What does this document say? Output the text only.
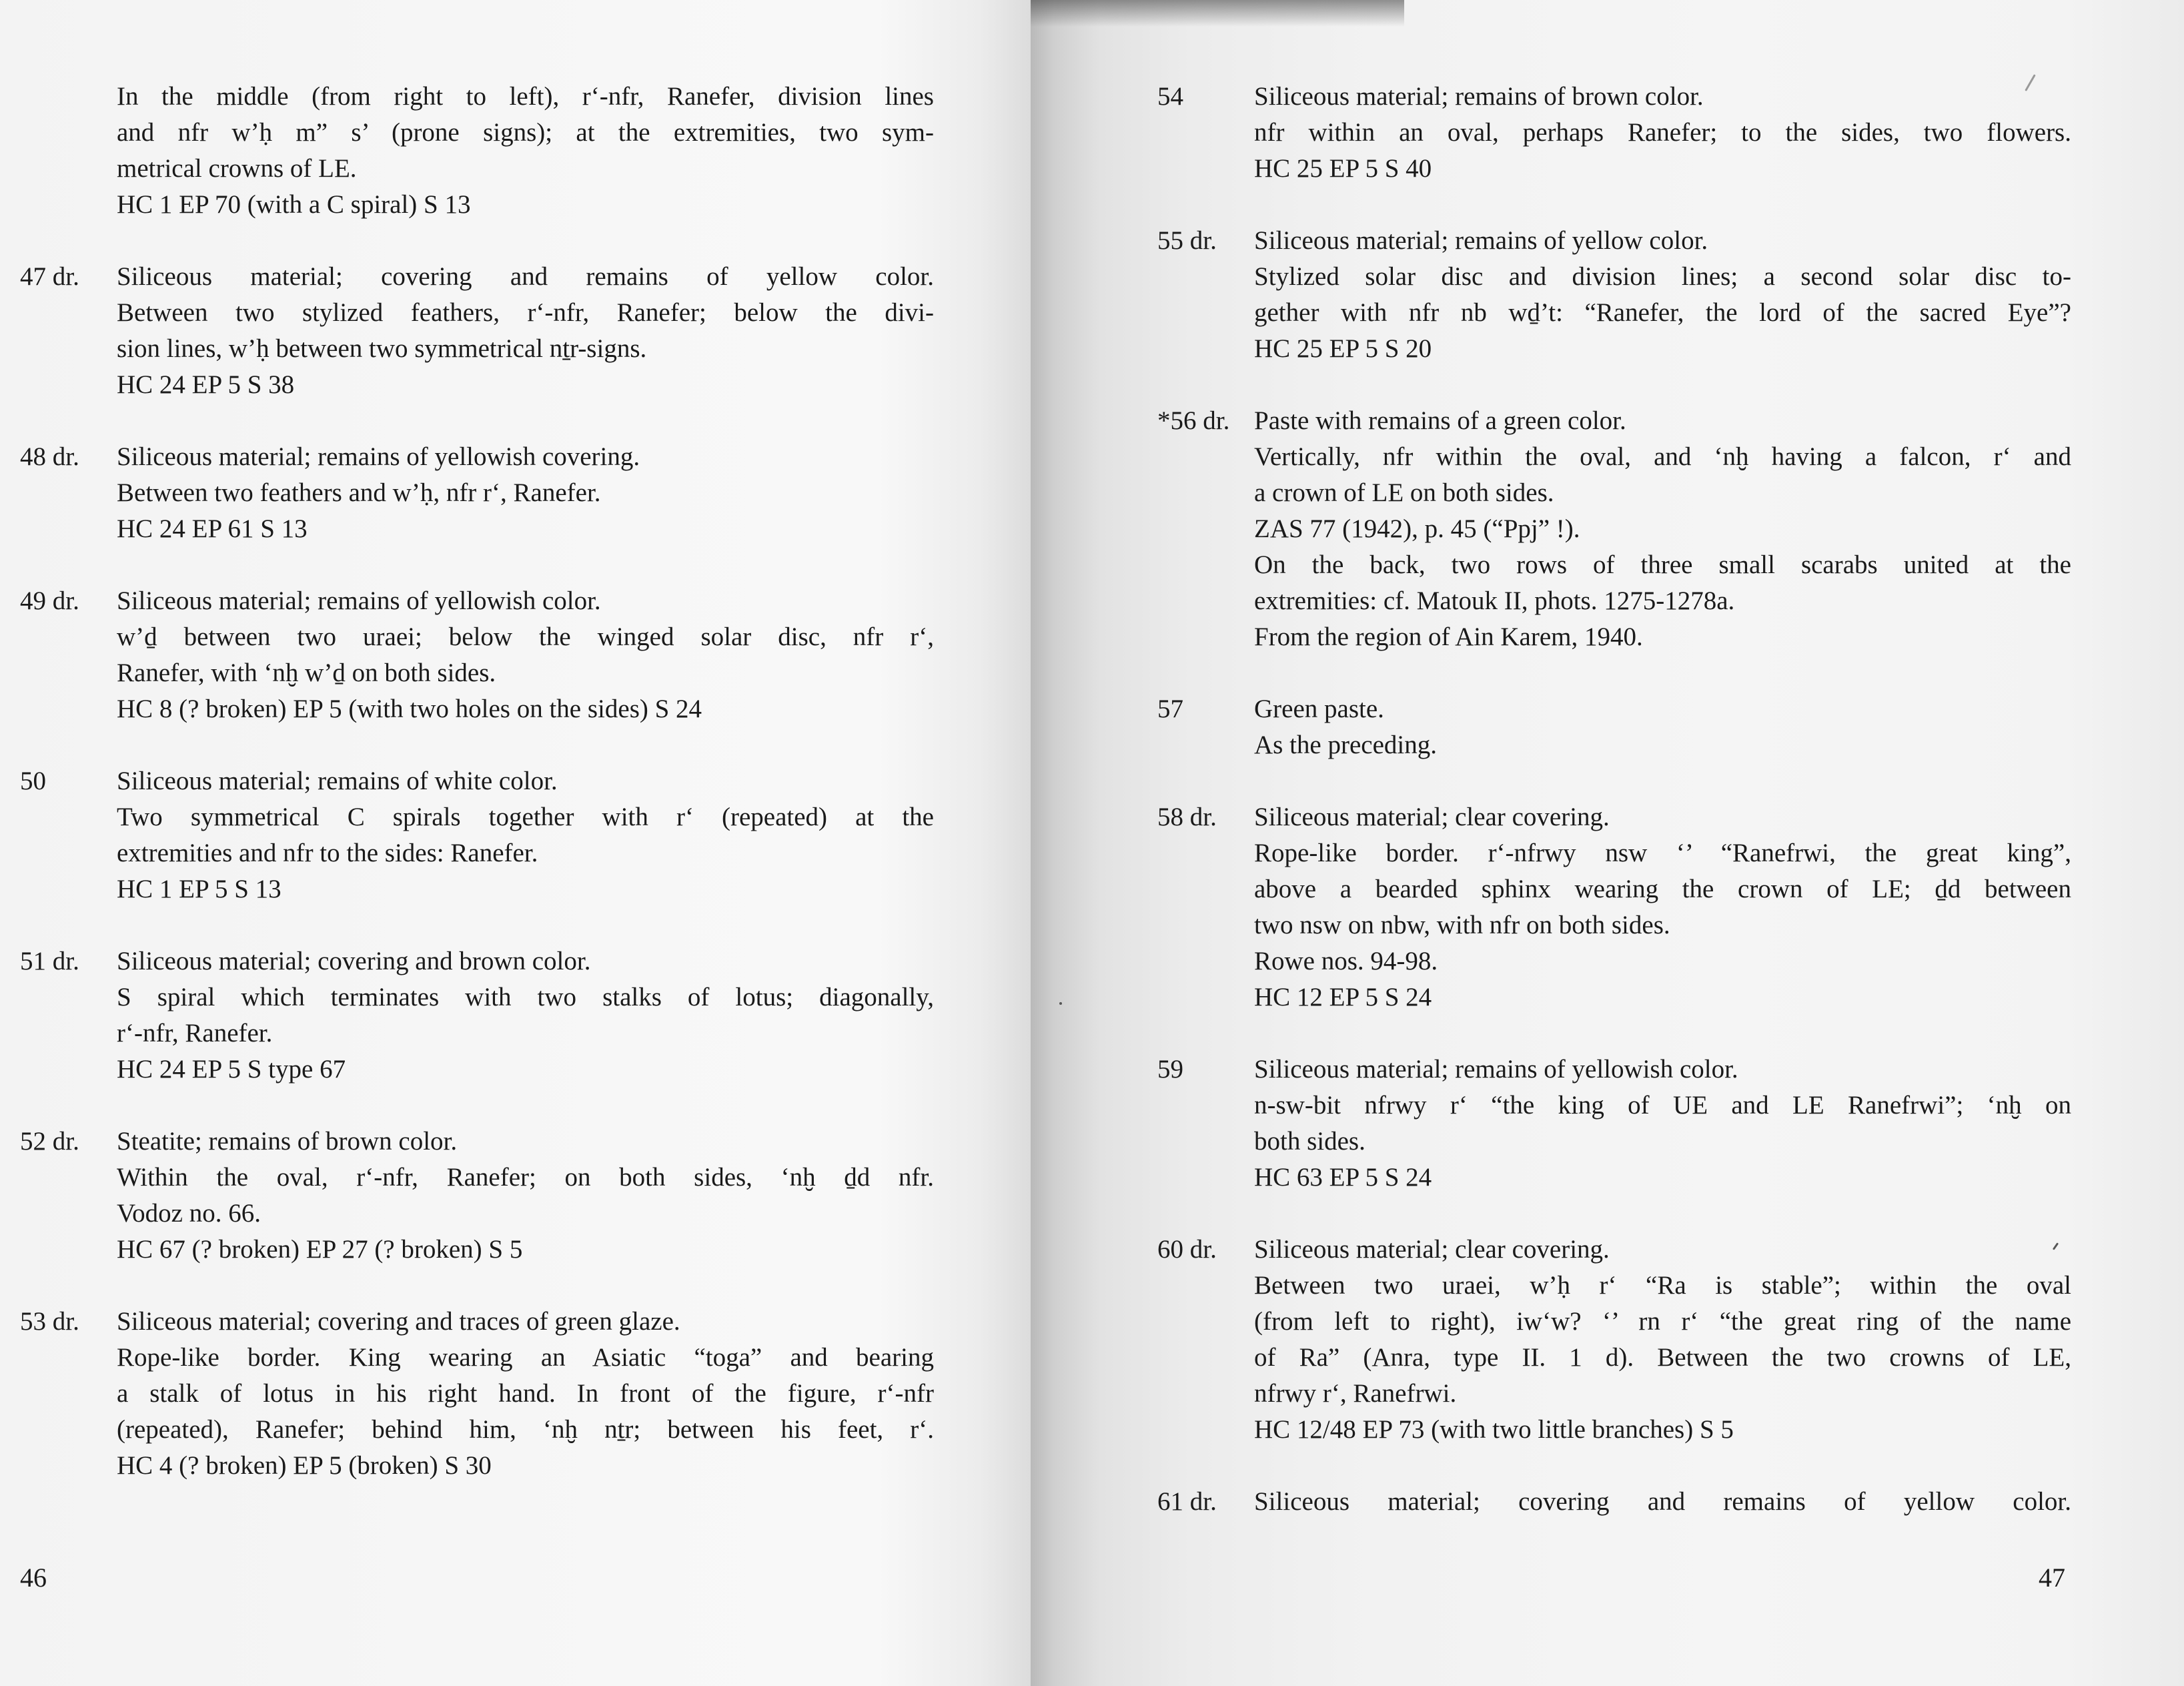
In the middle (from right to left), r‘-nfr, Ranefer, division lines
and nfr w’ḥ m” s’ (prone signs); at the extremities, two sym-
metrical crowns of LE.
HC 1 EP 70 (with a C spiral) S 13
47 dr. Siliceous material; covering and remains of yellow color.
Between two stylized feathers, r‘-nfr, Ranefer; below the divi-
sion lines, w’ḥ between two symmetrical nṯr-signs.
HC 24 EP 5 S 38
48 dr. Siliceous material; remains of yellowish covering.
Between two feathers and w’ḥ, nfr r‘, Ranefer.
HC 24 EP 61 S 13
49 dr. Siliceous material; remains of yellowish color.
w’ḏ between two uraei; below the winged solar disc, nfr r‘,
Ranefer, with ‘nḫ w’ḏ on both sides.
HC 8 (? broken) EP 5 (with two holes on the sides) S 24
50	Siliceous material; remains of white color.
Two symmetrical C spirals together with r‘ (repeated) at the
extremities and nfr to the sides: Ranefer.
HC 1 EP 5 S 13
51 dr. Siliceous material; covering and brown color.
S spiral which terminates with two stalks of lotus; diagonally,
r‘-nfr, Ranefer.
HC 24 EP 5 S type 67
52 dr. Steatite; remains of brown color.
Within the oval, r‘-nfr, Ranefer; on both sides, ‘nḫ ḏd nfr.
Vodoz no. 66.
HC 67 (? broken) EP 27 (? broken) S 5
53 dr. Siliceous material; covering and traces of green glaze.
Rope-like border. King wearing an Asiatic “toga” and bearing
a stalk of lotus in his right hand. In front of the figure, r‘-nfr
(repeated), Ranefer; behind him, ‘nḫ nṯr; between his feet, r‘.
HC 4 (? broken) EP 5 (broken) S 30
54	Siliceous material; remains of brown color.
nfr within an oval, perhaps Ranefer; to the sides, two flowers.
HC 25 EP 5 S 40
55 dr. Siliceous material; remains of yellow color.
Stylized solar disc and division lines; a second solar disc to-
gether with nfr nb wḏ’t: “Ranefer, the lord of the sacred Eye”?
HC 25 EP 5 S 20
*56 dr. Paste with remains of a green color.
Vertically, nfr within the oval, and ‘nḫ having a falcon, r‘ and
a crown of LE on both sides.
ZAS 77 (1942), p. 45 (“Ppj” !).
On the back, two rows of three small scarabs united at the
extremities: cf. Matouk II, phots. 1275-1278a.
From the region of Ain Karem, 1940.
57	Green paste.
As the preceding.
58 dr. Siliceous material; clear covering.
Rope-like border. r‘-nfrwy nsw ‘’ “Ranefrwi, the great king”,
above a bearded sphinx wearing the crown of LE; ḏd between
two nsw on nbw, with nfr on both sides.
Rowe nos. 94-98.
HC 12 EP 5 S 24
59	Siliceous material; remains of yellowish color.
n-sw-bit nfrwy r‘ “the king of UE and LE Ranefrwi”; ‘nḫ on
both sides.
HC 63 EP 5 S 24
60 dr. Siliceous material; clear covering.
Between two uraei, w’ḥ r‘ “Ra is stable”; within the oval
(from left to right), iw‘w? ‘’ rn r‘ “the great ring of the name
of Ra” (Anra, type II. 1 d). Between the two crowns of LE,
nfrwy r‘, Ranefrwi.
HC 12/48 EP 73 (with two little branches) S 5
61 dr. Siliceous material; covering and remains of yellow color.
46	47
